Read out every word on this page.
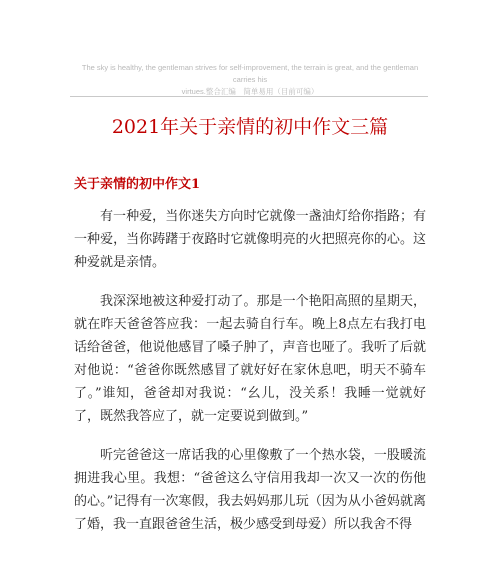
The sky is healthy, the gentleman strives for self-improvement, the terrain is great, and the gentleman carries his
virtues.整合汇编　简单易用（目前可编）
2021年关于亲情的初中作文三篇
关于亲情的初中作文1

有一种爱，当你迷失方向时它就像一盏油灯给你指路；有一种爱，当你踌躇于夜路时它就像明亮的火把照亮你的心。这种爱就是亲情。

我深深地被这种爱打动了。那是一个艳阳高照的星期天，就在昨天爸爸答应我：一起去骑自行车。晚上8点左右我打电话给爸爸，他说他感冒了嗓子肿了，声音也哑了。我听了后就对他说：“爸爸你既然感冒了就好好在家休息吧，明天不骑车了。”谁知，爸爸却对我说：“幺儿，没关系！我睡一觉就好了，既然我答应了，就一定要说到做到。”

听完爸爸这一席话我的心里像敷了一个热水袋，一股暖流拥进我心里。我想：“爸爸这么守信用我却一次又一次的伤他的心。”记得有一次寒假，我去妈妈那儿玩（因为从小爸妈就离了婚，我一直跟爸爸生活，极少感受到母爱）所以我舍不得
